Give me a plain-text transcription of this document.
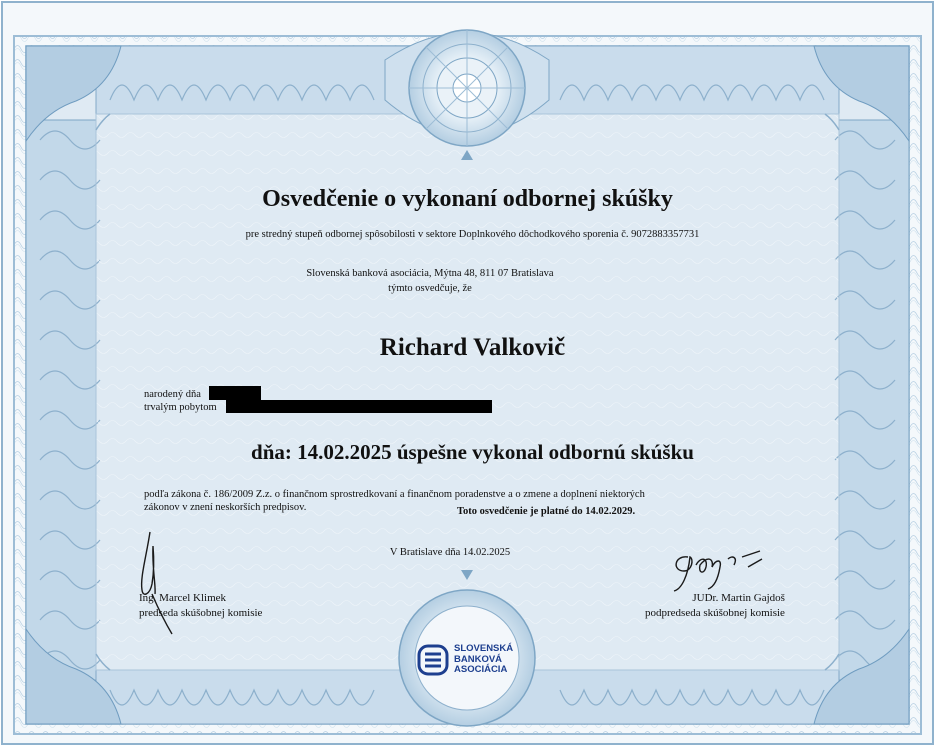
Osvedčenie o vykonaní odbornej skúšky
pre stredný stupeň odbornej spôsobilosti v sektore Doplnkového dôchodkového sporenia č. 9072883357731
Slovenská banková asociácia, Mýtna 48, 811 07 Bratislava
týmto osvedčuje, že
Richard Valkovič
narodený dňa
trvalým pobytom
dňa: 14.02.2025 úspešne vykonal odbornú skúšku
podľa zákona č. 186/2009 Z.z. o finančnom sprostredkovaní a finančnom poradenstve a o zmene a doplnení niektorých zákonov v znení neskorších predpisov.	Toto osvedčenie je platné do 14.02.2029.
V Bratislave dňa 14.02.2025
Ing. Marcel Klimek
predseda skúšobnej komisie
JUDr. Martin Gajdoš
podpredseda skúšobnej komisie
SLOVENSKÁ
BANKOVÁ
ASOCIÁCIA
